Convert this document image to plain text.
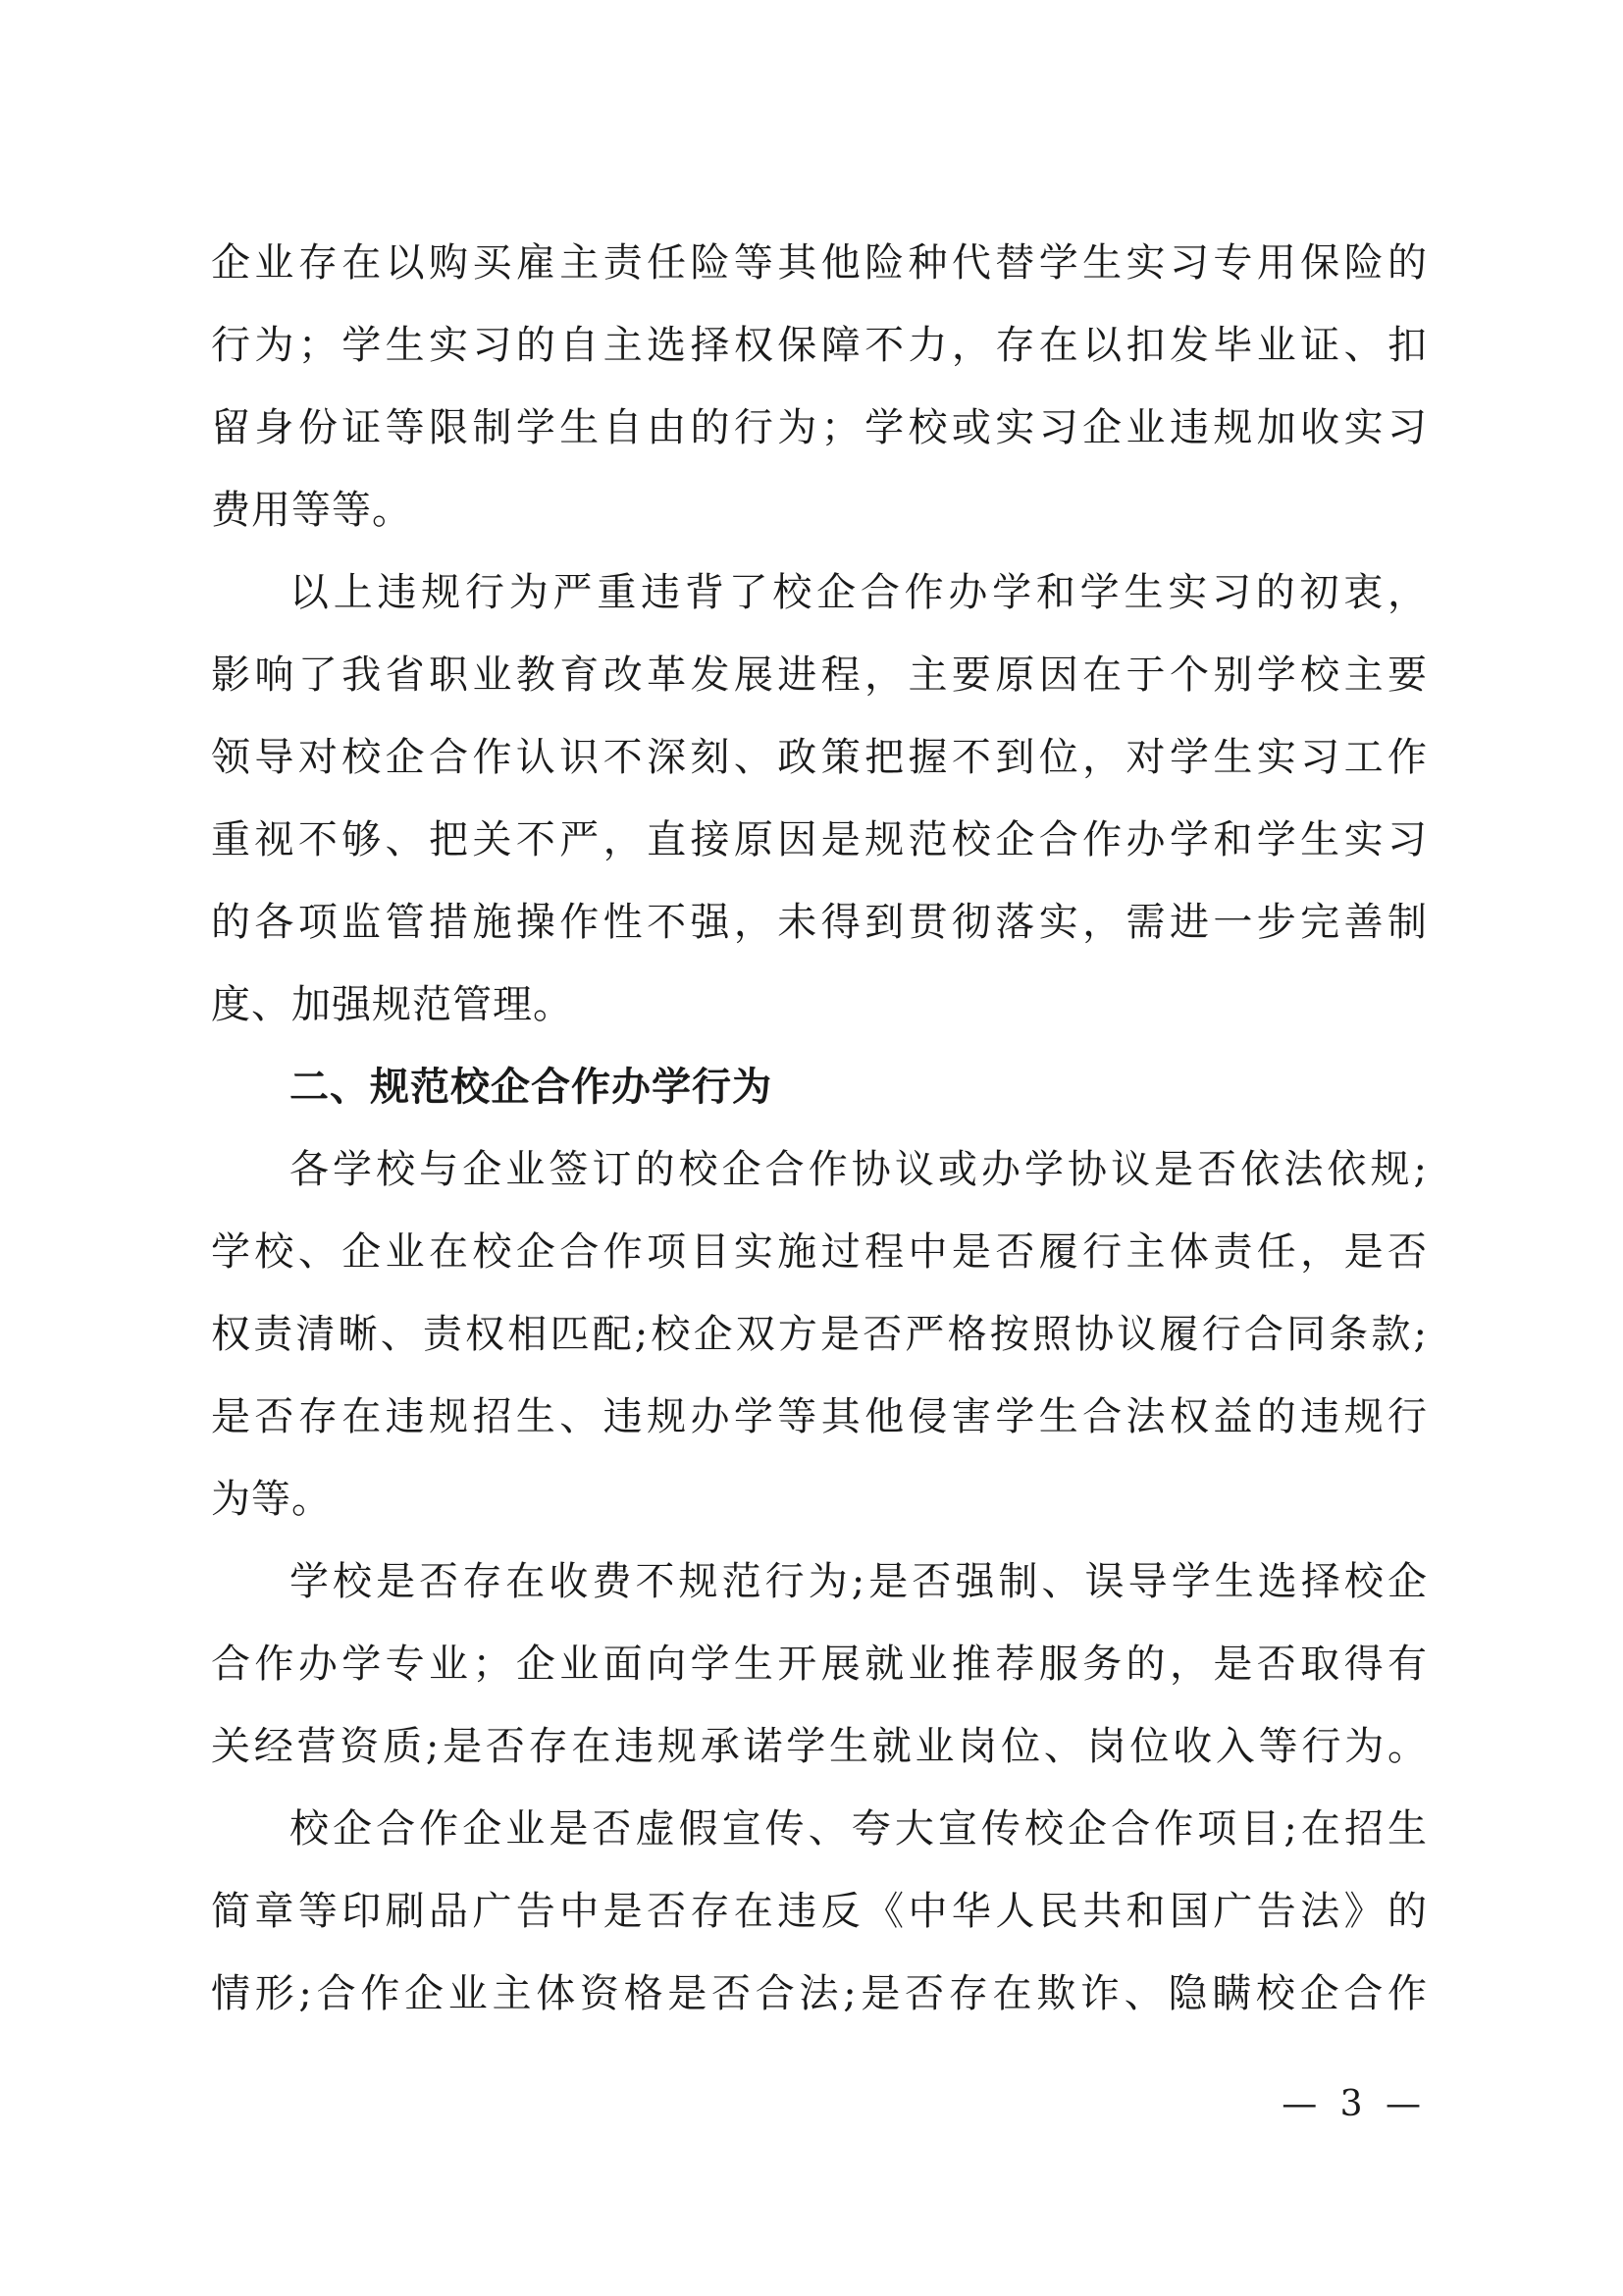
企业存在以购买雇主责任险等其他险种代替学生实习专用保险的
行为；学生实习的自主选择权保障不力，存在以扣发毕业证、扣
留身份证等限制学生自由的行为；学校或实习企业违规加收实习
费用等等。
以上违规行为严重违背了校企合作办学和学生实习的初衷，
影响了我省职业教育改革发展进程，主要原因在于个别学校主要
领导对校企合作认识不深刻、政策把握不到位，对学生实习工作
重视不够、把关不严，直接原因是规范校企合作办学和学生实习
的各项监管措施操作性不强，未得到贯彻落实，需进一步完善制
度、加强规范管理。
二、规范校企合作办学行为
各学校与企业签订的校企合作协议或办学协议是否依法依规;
学校、企业在校企合作项目实施过程中是否履行主体责任，是否
权责清晰、责权相匹配;校企双方是否严格按照协议履行合同条款;
是否存在违规招生、违规办学等其他侵害学生合法权益的违规行
为等。
学校是否存在收费不规范行为;是否强制、误导学生选择校企
合作办学专业；企业面向学生开展就业推荐服务的，是否取得有
关经营资质;是否存在违规承诺学生就业岗位、岗位收入等行为。
校企合作企业是否虚假宣传、夸大宣传校企合作项目;在招生
简章等印刷品广告中是否存在违反《中华人民共和国广告法》的
情形;合作企业主体资格是否合法;是否存在欺诈、隐瞒校企合作
— 3 —
